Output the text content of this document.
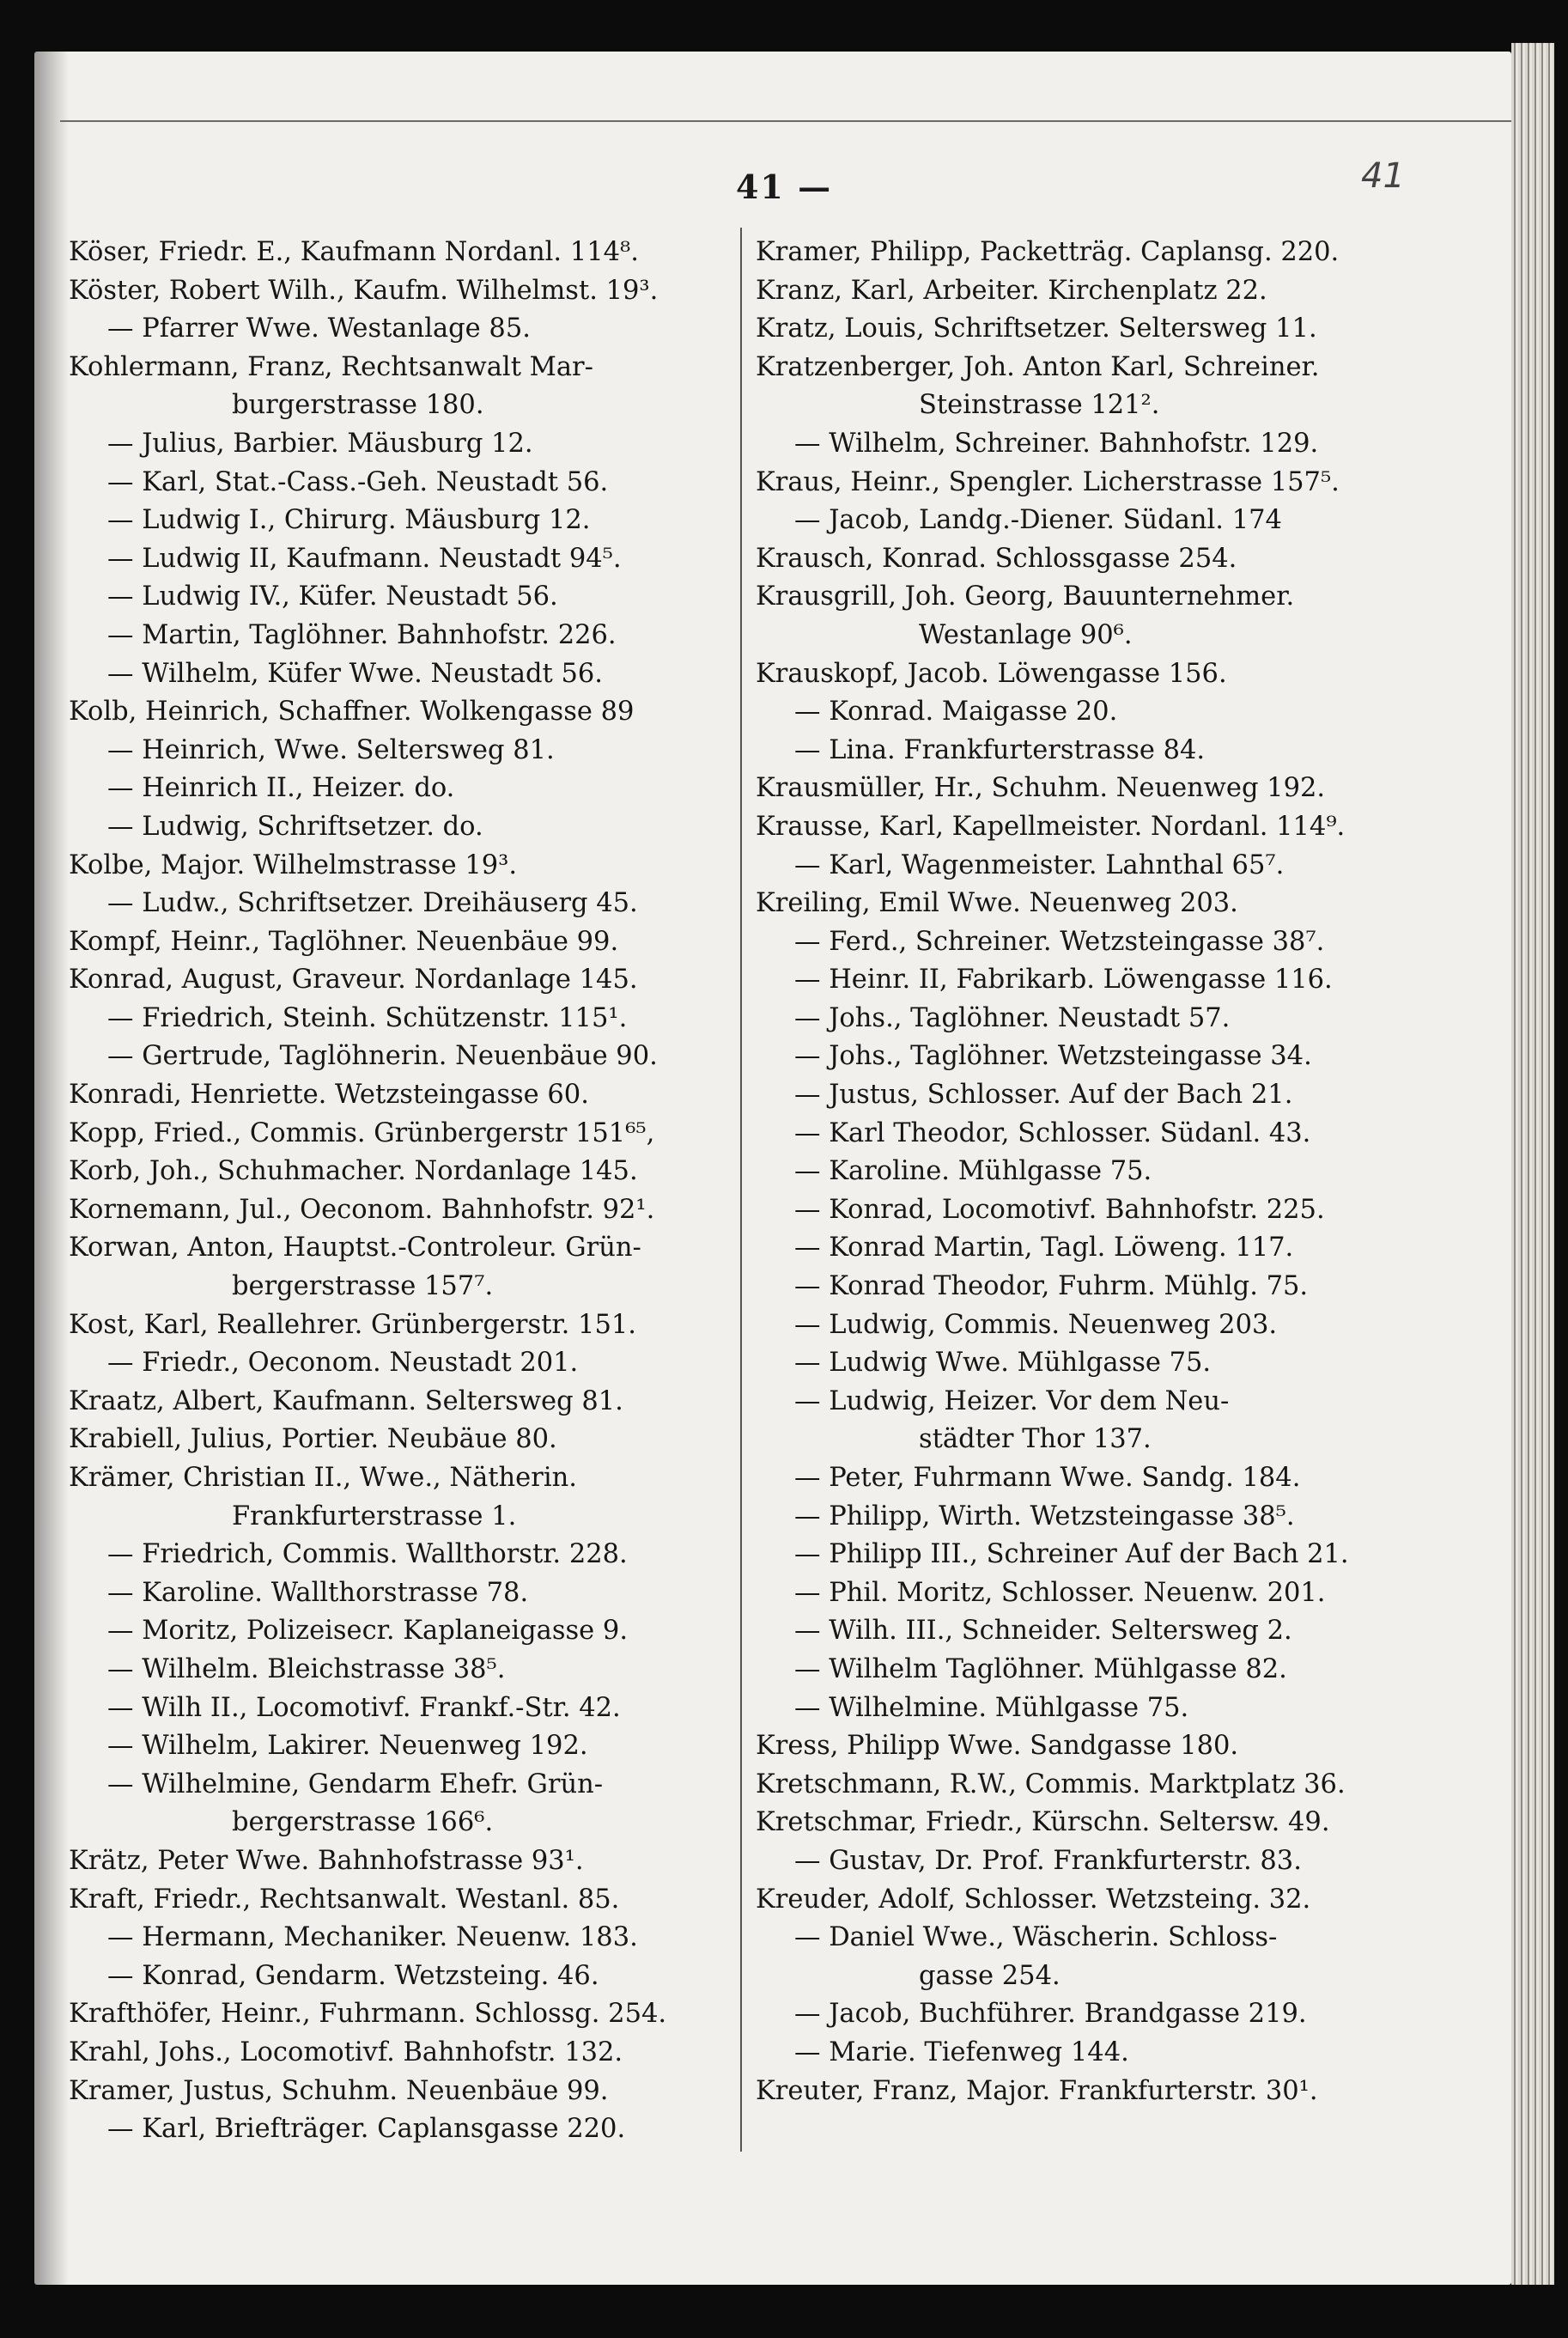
41 —	41
Köser, Friedr. E., Kaufmann Nordanl. 114⁸.
Köster, Robert Wilh., Kaufm. Wilhelmst. 19³.
— Pfarrer Wwe. Westanlage 85.
Kohlermann, Franz, Rechtsanwalt Mar-
burgerstrasse 180.
— Julius, Barbier. Mäusburg 12.
— Karl, Stat.-Cass.-Geh. Neustadt 56.
— Ludwig I., Chirurg. Mäusburg 12.
— Ludwig II, Kaufmann. Neustadt 94⁵.
— Ludwig IV., Küfer. Neustadt 56.
— Martin, Taglöhner. Bahnhofstr. 226.
— Wilhelm, Küfer Wwe. Neustadt 56.
Kolb, Heinrich, Schaffner. Wolkengasse 89
— Heinrich, Wwe. Seltersweg 81.
— Heinrich II., Heizer. do.
— Ludwig, Schriftsetzer. do.
Kolbe, Major. Wilhelmstrasse 19³.
— Ludw., Schriftsetzer. Dreihäuserg 45.
Kompf, Heinr., Taglöhner. Neuenbäue 99.
Konrad, August, Graveur. Nordanlage 145.
— Friedrich, Steinh. Schützenstr. 115¹.
— Gertrude, Taglöhnerin. Neuenbäue 90.
Konradi, Henriette. Wetzsteingasse 60.
Kopp, Fried., Commis. Grünbergerstr 151⁶⁵,
Korb, Joh., Schuhmacher. Nordanlage 145.
Kornemann, Jul., Oeconom. Bahnhofstr. 92¹.
Korwan, Anton, Hauptst.-Controleur. Grün-
bergerstrasse 157⁷.
Kost, Karl, Reallehrer. Grünbergerstr. 151.
— Friedr., Oeconom. Neustadt 201.
Kraatz, Albert, Kaufmann. Seltersweg 81.
Krabiell, Julius, Portier. Neubäue 80.
Krämer, Christian II., Wwe., Nätherin.
Frankfurterstrasse 1.
— Friedrich, Commis. Wallthorstr. 228.
— Karoline. Wallthorstrasse 78.
— Moritz, Polizeisecr. Kaplaneigasse 9.
— Wilhelm. Bleichstrasse 38⁵.
— Wilh II., Locomotivf. Frankf.-Str. 42.
— Wilhelm, Lakirer. Neuenweg 192.
— Wilhelmine, Gendarm Ehefr. Grün-
bergerstrasse 166⁶.
Krätz, Peter Wwe. Bahnhofstrasse 93¹.
Kraft, Friedr., Rechtsanwalt. Westanl. 85.
— Hermann, Mechaniker. Neuenw. 183.
— Konrad, Gendarm. Wetzsteing. 46.
Krafthöfer, Heinr., Fuhrmann. Schlossg. 254.
Krahl, Johs., Locomotivf. Bahnhofstr. 132.
Kramer, Justus, Schuhm. Neuenbäue 99.
— Karl, Briefträger. Caplansgasse 220.
Kramer, Philipp, Packetträg. Caplansg. 220.
Kranz, Karl, Arbeiter. Kirchenplatz 22.
Kratz, Louis, Schriftsetzer. Seltersweg 11.
Kratzenberger, Joh. Anton Karl, Schreiner.
Steinstrasse 121².
— Wilhelm, Schreiner. Bahnhofstr. 129.
Kraus, Heinr., Spengler. Licherstrasse 157⁵.
— Jacob, Landg.-Diener. Südanl. 174
Krausch, Konrad. Schlossgasse 254.
Krausgrill, Joh. Georg, Bauunternehmer.
Westanlage 90⁶.
Krauskopf, Jacob. Löwengasse 156.
— Konrad. Maigasse 20.
— Lina. Frankfurterstrasse 84.
Krausmüller, Hr., Schuhm. Neuenweg 192.
Krausse, Karl, Kapellmeister. Nordanl. 114⁹.
— Karl, Wagenmeister. Lahnthal 65⁷.
Kreiling, Emil Wwe. Neuenweg 203.
— Ferd., Schreiner. Wetzsteingasse 38⁷.
— Heinr. II, Fabrikarb. Löwengasse 116.
— Johs., Taglöhner. Neustadt 57.
— Johs., Taglöhner. Wetzsteingasse 34.
— Justus, Schlosser. Auf der Bach 21.
— Karl Theodor, Schlosser. Südanl. 43.
— Karoline. Mühlgasse 75.
— Konrad, Locomotivf. Bahnhofstr. 225.
— Konrad Martin, Tagl. Löweng. 117.
— Konrad Theodor, Fuhrm. Mühlg. 75.
— Ludwig, Commis. Neuenweg 203.
— Ludwig Wwe. Mühlgasse 75.
— Ludwig, Heizer. Vor dem Neu-
städter Thor 137.
— Peter, Fuhrmann Wwe. Sandg. 184.
— Philipp, Wirth. Wetzsteingasse 38⁵.
— Philipp III., Schreiner Auf der Bach 21.
— Phil. Moritz, Schlosser. Neuenw. 201.
— Wilh. III., Schneider. Seltersweg 2.
— Wilhelm Taglöhner. Mühlgasse 82.
— Wilhelmine. Mühlgasse 75.
Kress, Philipp Wwe. Sandgasse 180.
Kretschmann, R.W., Commis. Marktplatz 36.
Kretschmar, Friedr., Kürschn. Seltersw. 49.
— Gustav, Dr. Prof. Frankfurterstr. 83.
Kreuder, Adolf, Schlosser. Wetzsteing. 32.
— Daniel Wwe., Wäscherin. Schloss-
gasse 254.
— Jacob, Buchführer. Brandgasse 219.
— Marie. Tiefenweg 144.
Kreuter, Franz, Major. Frankfurterstr. 30¹.
